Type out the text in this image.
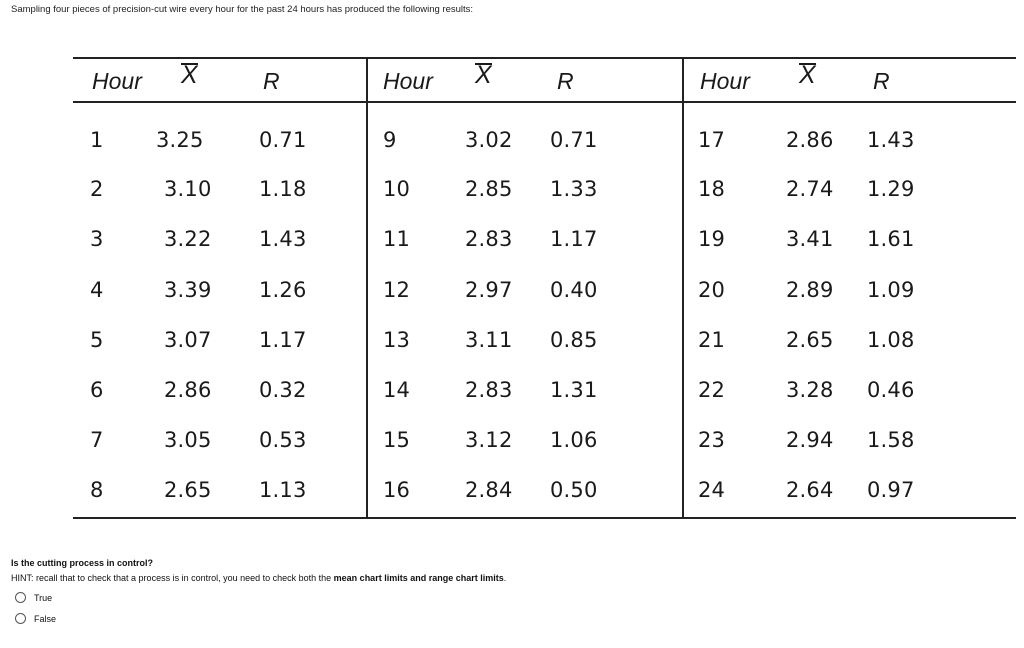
Sampling four pieces of precision-cut wire every hour for the past 24 hours has produced the following results:
Hour X	R	Hour X	R	Hour X R
1 3.25	0.71
2	3.10 1.18
3	3.22 1.43
4	3.39 1.26
5	3.07 1.17
6	2.86 0.32
7	3.05 0.53
8	2.65 1.13
9	3.02 0.71
10	2.85 1.33
11	2.83 1.17
12	2.97 0.40
13	3.11 0.85
14	2.83 1.31
15	3.12 1.06
16	2.84 0.50
17	2.86 1.43
18	2.74 1.29
19	3.41 1.61
20	2.89 1.09
21	2.65 1.08
22	3.28 0.46
23	2.94 1.58
24	2.64 0.97
Is the cutting process in control?
HINT: recall that to check that a process is in control, you need to check both the mean chart limits and range chart limits.
True
False
